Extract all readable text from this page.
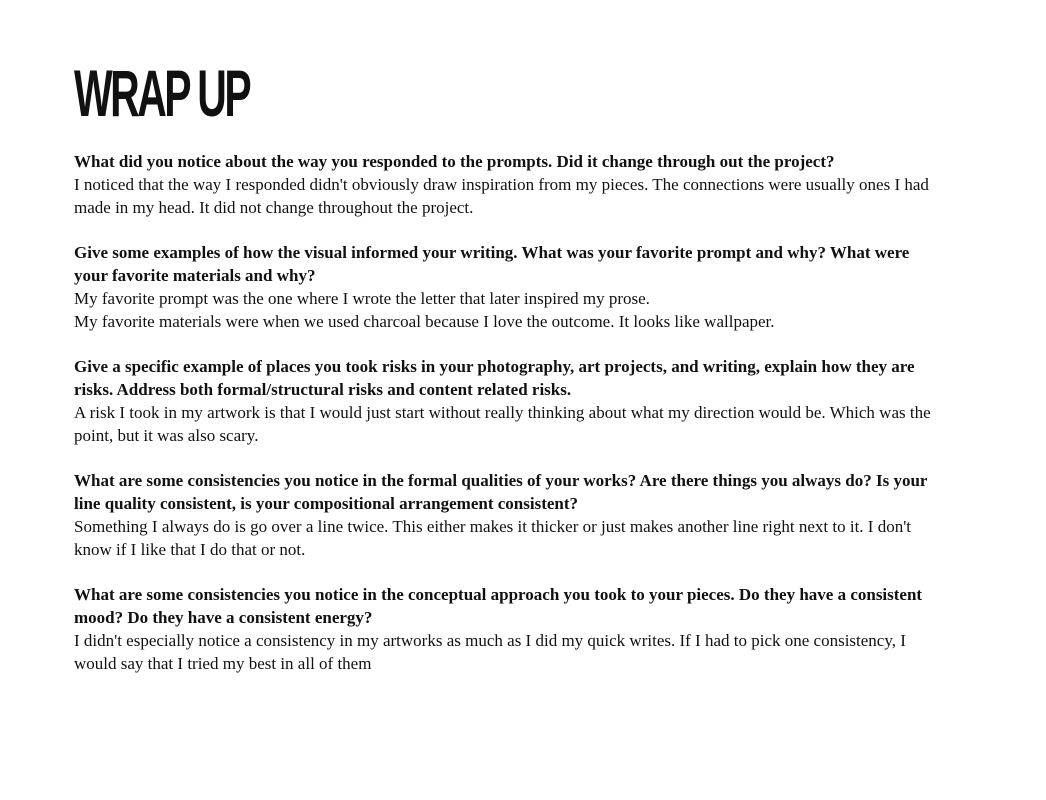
WRAP UP

What did you notice about the way you responded to the prompts. Did it change through out the project?

I noticed that the way I responded didn't obviously draw inspiration from my pieces. The connections were usually ones I had made in my head. It did not change throughout the project.

Give some examples of how the visual informed your writing. What was your favorite prompt and why? What were your favorite materials and why?

My favorite prompt was the one where I wrote the letter that later inspired my prose.
My favorite materials were when we used charcoal because I love the outcome. It looks like wallpaper.

Give a specific example of places you took risks in your photography, art projects, and writing, explain how they are risks. Address both formal/structural risks and content related risks.

A risk I took in my artwork is that I would just start without really thinking about what my direction would be. Which was the point, but it was also scary.

What are some consistencies you notice in the formal qualities of your works? Are there things you always do? Is your line quality consistent, is your compositional arrangement consistent?

Something I always do is go over a line twice. This either makes it thicker or just makes another line right next to it. I don't know if I like that I do that or not.

What are some consistencies you notice in the conceptual approach you took to your pieces. Do they have a consistent mood? Do they have a consistent energy?

I didn't especially notice a consistency in my artworks as much as I did my quick writes. If I had to pick one consistency, I would say that I tried my best in all of them
